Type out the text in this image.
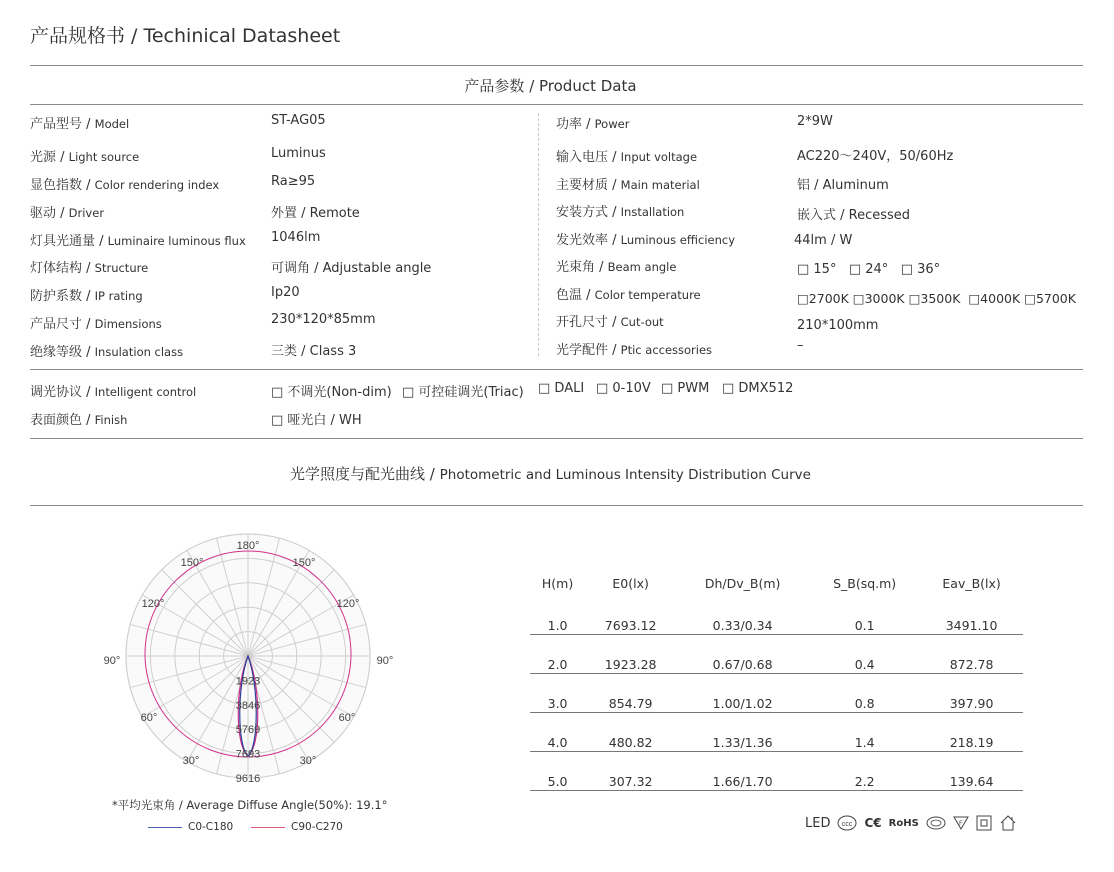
产品规格书 / Techinical Datasheet
产品参数 / Product Data
产品型号 / Model	ST-AG05
光源 / Light source	Luminus
显色指数 / Color rendering index	Ra≥95
驱动 / Driver	外置 / Remote
灯具光通量 / Luminaire luminous flux 1046lm
灯体结构 / Structure	可调角 / Adjustable angle
防护系数 / IP rating	Ip20
产品尺寸 / Dimensions	230*120*85mm
绝缘等级 / Insulation class	三类 / Class 3
功率 / Power	2*9W
输入电压 / Input voltage	AC220～240V，50/60Hz
主要材质 / Main material	铝 / Aluminum
安装方式 / Installation	嵌入式 / Recessed
发光效率 / Luminous efficiency	44lm / W
光束角 / Beam angle	□ 15°   □ 24°   □ 36°
色温 / Color temperature	□2700K □3000K □3500K  □4000K □5700K
开孔尺寸 / Cut-out	210*100mm
光学配件 / Ptic accessories	–
调光协议 / Intelligent control	□ 不调光(Non-dim) □ 可控硅调光(Triac) □ DALI □ 0-10V □ PWM □ DMX512
表面颜色 / Finish	□ 哑光白 / WH
光学照度与配光曲线 / Photometric and Luminous Intensity Distribution Curve
180°
150°	150°
120°	120°
90°	90°
60°	60°
30°	30°
1923
3846
5769
7693
9616
*平均光束角 / Average Diffuse Angle(50%): 19.1°
C0-C180	C90-C270
H(m)	E0(lx)	Dh/Dv_B(m)	S_B(sq.m)	Eav_B(lx)
1.0	7693.12	0.33/0.34	0.1	3491.10
2.0	1923.28	0.67/0.68	0.4	872.78
3.0	854.79	1.00/1.02	0.8	397.90
4.0	480.82	1.33/1.36	1.4	218.19
5.0	307.32	1.66/1.70	2.2	139.64
LED ccc C€ RoHS	F
